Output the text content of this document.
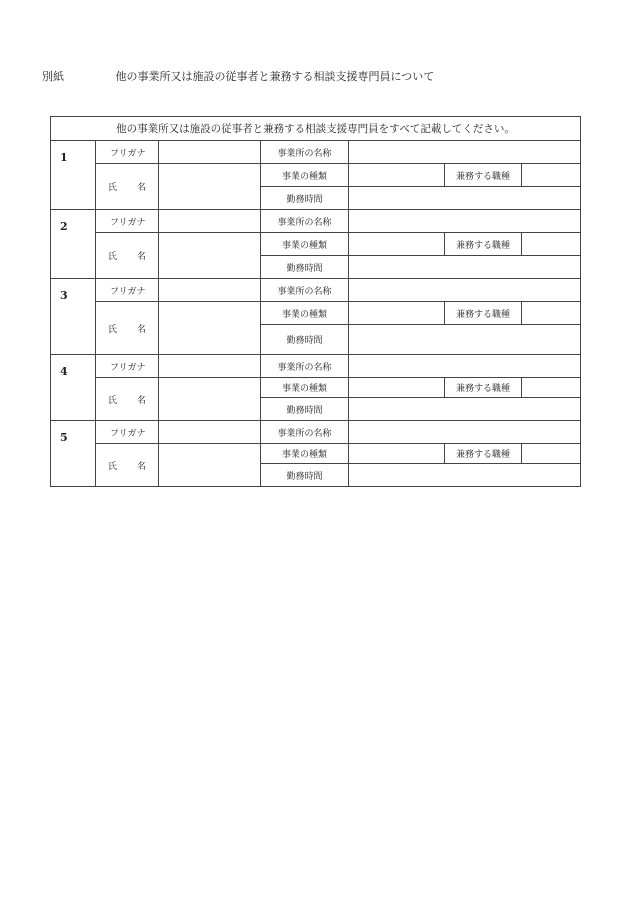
別紙	他の事業所又は施設の従事者と兼務する相談支援専門員について
他の事業所又は施設の従事者と兼務する相談支援専門員をすべて記載してください。						
1	フリガナ		事業所の名称			
	氏 名		事業の種類		兼務する職種	
			勤務時間			
2	フリガナ		事業所の名称			
	氏 名		事業の種類		兼務する職種	
			勤務時間			
3	フリガナ		事業所の名称			
	氏 名		事業の種類		兼務する職種	
			勤務時間			
4	フリガナ		事業所の名称			
	氏 名		事業の種類		兼務する職種	
			勤務時間			
5	フリガナ		事業所の名称			
	氏 名		事業の種類		兼務する職種	
			勤務時間			
